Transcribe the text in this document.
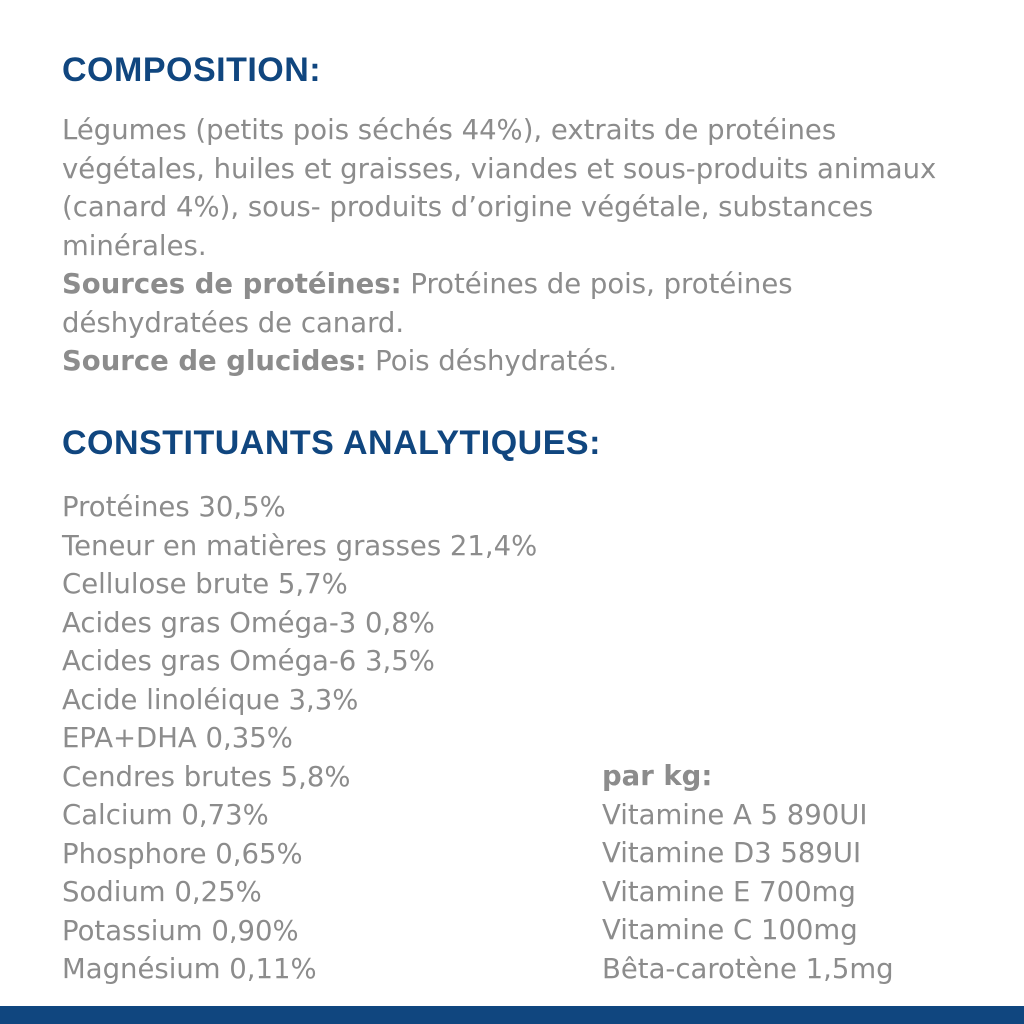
COMPOSITION:

Légumes (petits pois séchés 44%), extraits de protéines végétales, huiles et graisses, viandes et sous-produits animaux (canard 4%), sous- produits d’origine végétale, substances minérales.

Sources de protéines: Protéines de pois, protéines déshydratées de canard.

Source de glucides: Pois déshydratés.

CONSTITUANTS ANALYTIQUES:
Protéines 30,5%
Teneur en matières grasses 21,4%
Cellulose brute 5,7%
Acides gras Oméga-3 0,8%
Acides gras Oméga-6 3,5%
Acide linoléique 3,3%
EPA+DHA 0,35%
Cendres brutes 5,8%
Calcium 0,73%
Phosphore 0,65%
Sodium 0,25%
Potassium 0,90%
Magnésium 0,11%
par kg:
Vitamine A 5 890UI
Vitamine D3 589UI
Vitamine E 700mg
Vitamine C 100mg
Bêta-carotène 1,5mg
